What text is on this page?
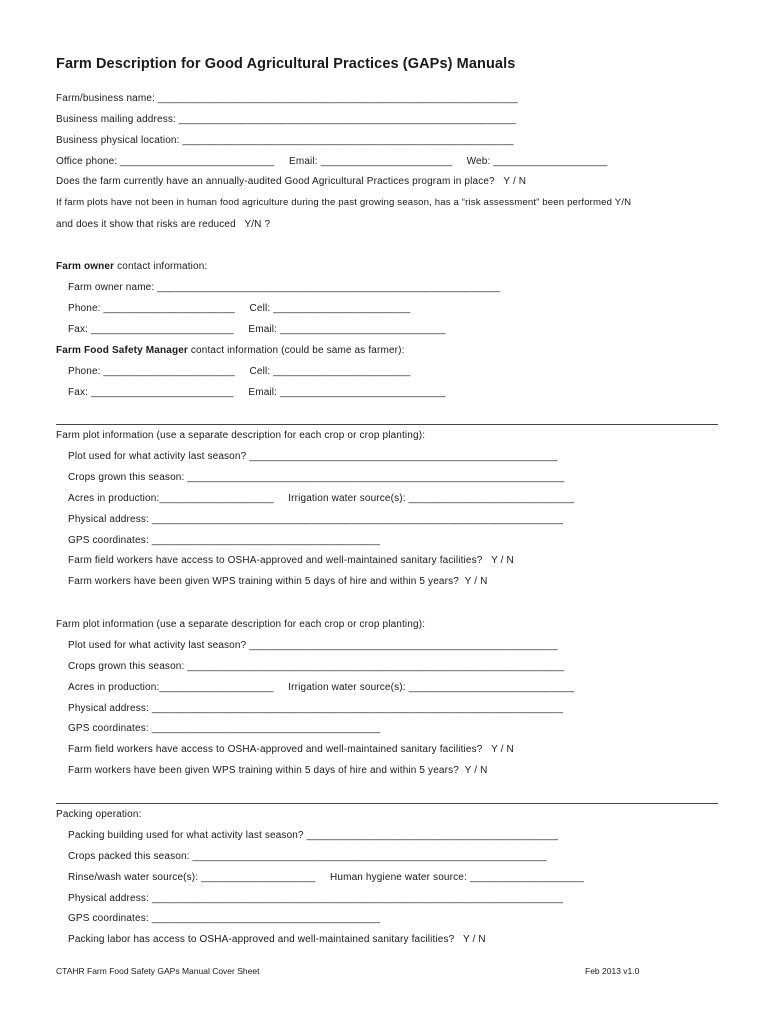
Farm Description for Good Agricultural Practices (GAPs) Manuals
Farm/business name: _______________________________________________________________
Business mailing address: ___________________________________________________________
Business physical location: __________________________________________________________
Office phone: ___________________________     Email: _______________________     Web: ____________________
Does the farm currently have an annually-audited Good Agricultural Practices program in place?   Y / N
If farm plots have not been in human food agriculture during the past growing season, has a “risk assessment” been performed Y/N
and does it show that risks are reduced   Y/N ?
Farm owner contact information:
Farm owner name: ____________________________________________________________
Phone: _______________________     Cell: ________________________
Fax: _________________________     Email: _____________________________
Farm Food Safety Manager contact information (could be same as farmer):
Phone: _______________________     Cell: ________________________
Fax: _________________________     Email: _____________________________
Farm plot information (use a separate description for each crop or crop planting):
Plot used for what activity last season? ______________________________________________________
Crops grown this season: __________________________________________________________________
Acres in production:____________________     Irrigation water source(s): _____________________________
Physical address: ________________________________________________________________________
GPS coordinates: ________________________________________
Farm field workers have access to OSHA-approved and well-maintained sanitary facilities?   Y / N
Farm workers have been given WPS training within 5 days of hire and within 5 years?  Y / N
Farm plot information (use a separate description for each crop or crop planting):
Plot used for what activity last season? ______________________________________________________
Crops grown this season: __________________________________________________________________
Acres in production:____________________     Irrigation water source(s): _____________________________
Physical address: ________________________________________________________________________
GPS coordinates: ________________________________________
Farm field workers have access to OSHA-approved and well-maintained sanitary facilities?   Y / N
Farm workers have been given WPS training within 5 days of hire and within 5 years?  Y / N
Packing operation:
Packing building used for what activity last season? ____________________________________________
Crops packed this season: ______________________________________________________________
Rinse/wash water source(s): ____________________     Human hygiene water source: ____________________
Physical address: ________________________________________________________________________
GPS coordinates: ________________________________________
Packing labor has access to OSHA-approved and well-maintained sanitary facilities?   Y / N
CTAHR Farm Food Safety GAPs Manual Cover Sheet	Feb 2013 v1.0
